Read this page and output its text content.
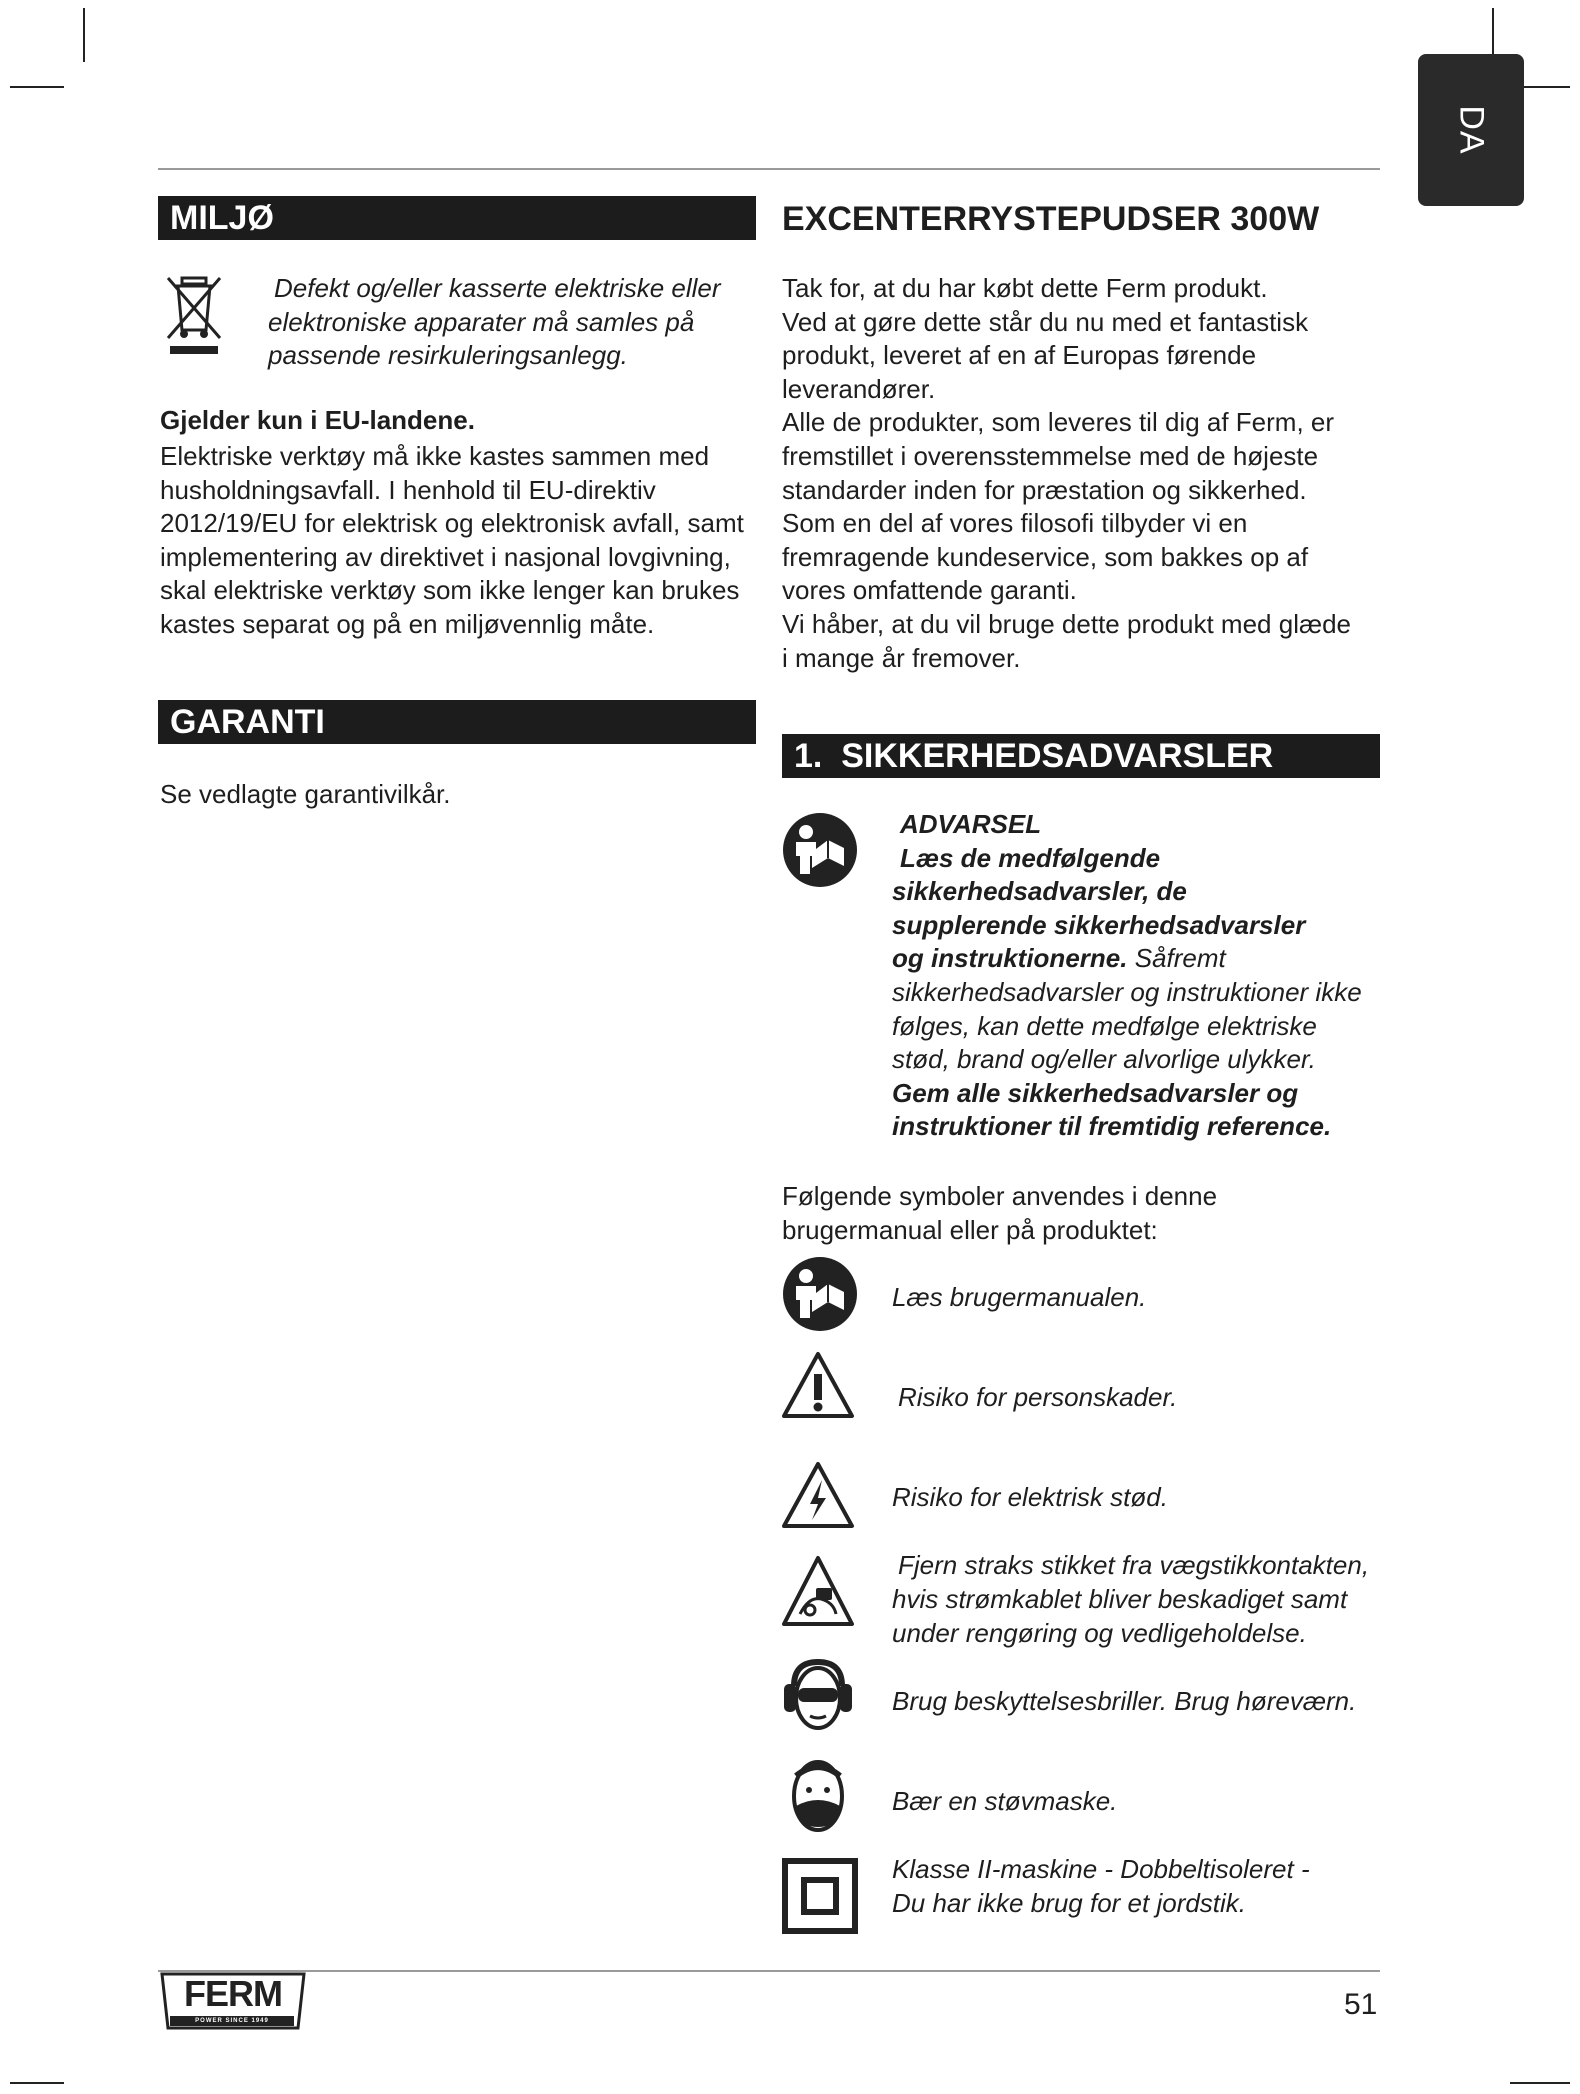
DA
MILJØ

Defekt og/eller kasserte elektriske eller

elektroniske apparater må samles på

passende resirkuleringsanlegg.

Gjelder kun i EU-landene.

Elektriske verktøy må ikke kastes sammen med

husholdningsavfall. I henhold til EU-direktiv

2012/19/EU for elektrisk og elektronisk avfall, samt

implementering av direktivet i nasjonal lovgivning,

skal elektriske verktøy som ikke lenger kan brukes

kastes separat og på en miljøvennlig måte.

GARANTI
Se vedlagte garantivilkår.
EXCENTERRYSTEPUDSER 300W

Tak for, at du har købt dette Ferm produkt.

Ved at gøre dette står du nu med et fantastisk

produkt, leveret af en af Europas førende

leverandører.

Alle de produkter, som leveres til dig af Ferm, er

fremstillet i overensstemmelse med de højeste

standarder inden for præstation og sikkerhed.

Som en del af vores filosofi tilbyder vi en

fremragende kundeservice, som bakkes op af

vores omfattende garanti.

Vi håber, at du vil bruge dette produkt med glæde

i mange år fremover.

1.  SIKKERHEDSADVARSLER

ADVARSEL

Læs de medfølgende

sikkerhedsadvarsler, de

supplerende sikkerhedsadvarsler

og instruktionerne. Såfremt

sikkerhedsadvarsler og instruktioner ikke

følges, kan dette medfølge elektriske

stød, brand og/eller alvorlige ulykker.

Gem alle sikkerhedsadvarsler og

instruktioner til fremtidig reference.

Følgende symboler anvendes i denne

brugermanual eller på produktet:

Læs brugermanualen.
Risiko for personskader.
Risiko for elektrisk stød.
Fjern straks stikket fra vægstikkontakten,
hvis strømkablet bliver beskadiget samt
under rengøring og vedligeholdelse.
Brug beskyttelsesbriller. Brug høreværn.
Bær en støvmaske.
Klasse II-maskine - Dobbeltisoleret -
Du har ikke brug for et jordstik.
FERM
POWER SINCE 1949	51
